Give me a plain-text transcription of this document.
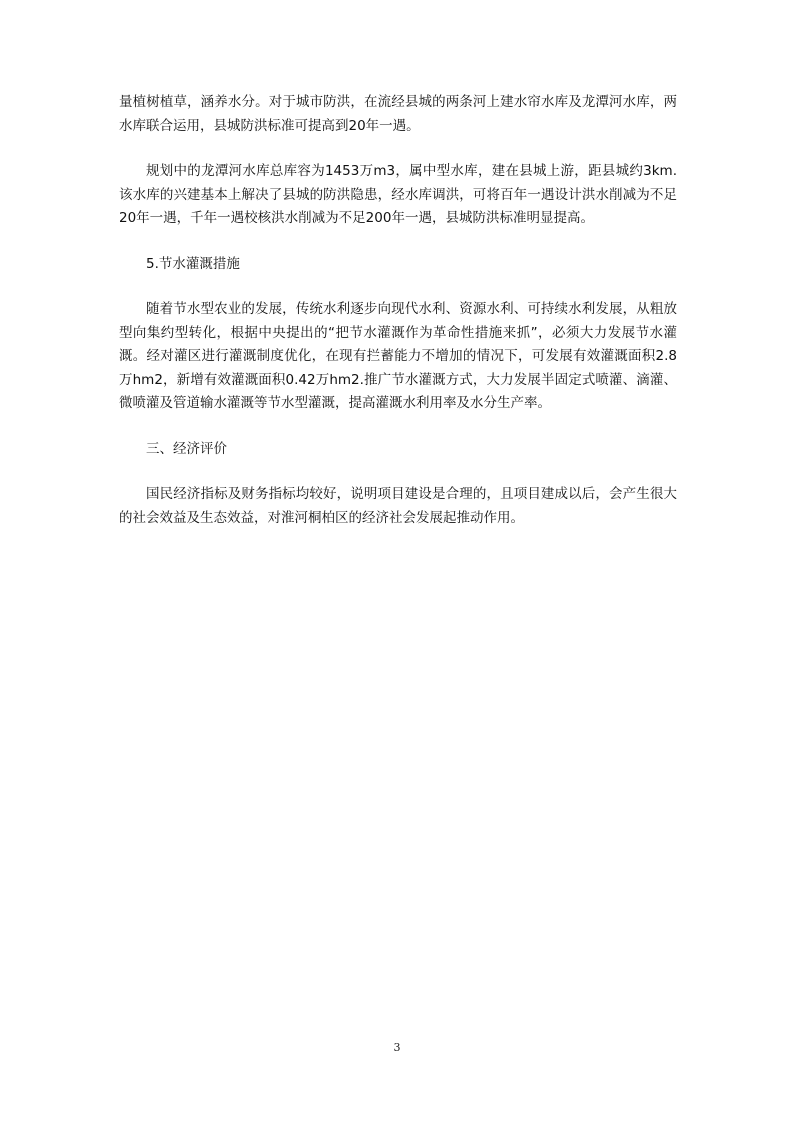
量植树植草，涵养水分。对于城市防洪，在流经县城的两条河上建水帘水库及龙潭河水库，两水库联合运用，县城防洪标准可提高到20年一遇。

规划中的龙潭河水库总库容为1453万m3，属中型水库，建在县城上游，距县城约3km.该水库的兴建基本上解决了县城的防洪隐患，经水库调洪，可将百年一遇设计洪水削减为不足20年一遇，千年一遇校核洪水削减为不足200年一遇，县城防洪标准明显提高。

5.节水灌溉措施

随着节水型农业的发展，传统水利逐步向现代水利、资源水利、可持续水利发展，从粗放型向集约型转化，根据中央提出的“把节水灌溉作为革命性措施来抓”，必须大力发展节水灌溉。经对灌区进行灌溉制度优化，在现有拦蓄能力不增加的情况下，可发展有效灌溉面积2.8万hm2，新增有效灌溉面积0.42万hm2.推广节水灌溉方式，大力发展半固定式喷灌、滴灌、微喷灌及管道输水灌溉等节水型灌溉，提高灌溉水利用率及水分生产率。

三、经济评价

国民经济指标及财务指标均较好，说明项目建设是合理的，且项目建成以后，会产生很大的社会效益及生态效益，对淮河桐柏区的经济社会发展起推动作用。

3
